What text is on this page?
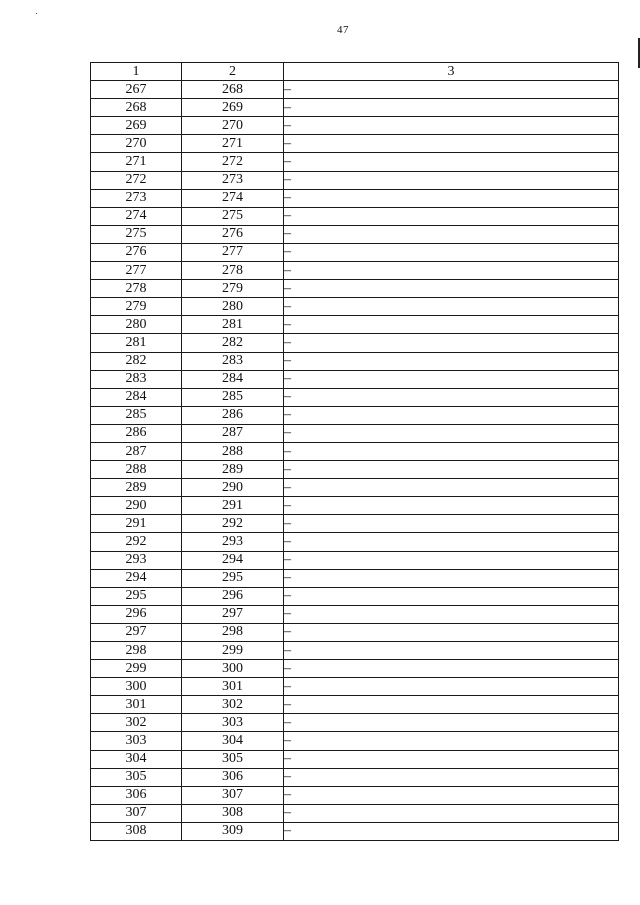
47
1	2	3
267	268	–
268	269	–
269	270	–
270	271	–
271	272	–
272	273	–
273	274	–
274	275	–
275	276	–
276	277	–
277	278	–
278	279	–
279	280	–
280	281	–
281	282	–
282	283	–
283	284	–
284	285	–
285	286	–
286	287	–
287	288	–
288	289	–
289	290	–
290	291	–
291	292	–
292	293	–
293	294	–
294	295	–
295	296	–
296	297	–
297	298	–
298	299	–
299	300	–
300	301	–
301	302	–
302	303	–
303	304	–
304	305	–
305	306	–
306	307	–
307	308	–
308	309	–
